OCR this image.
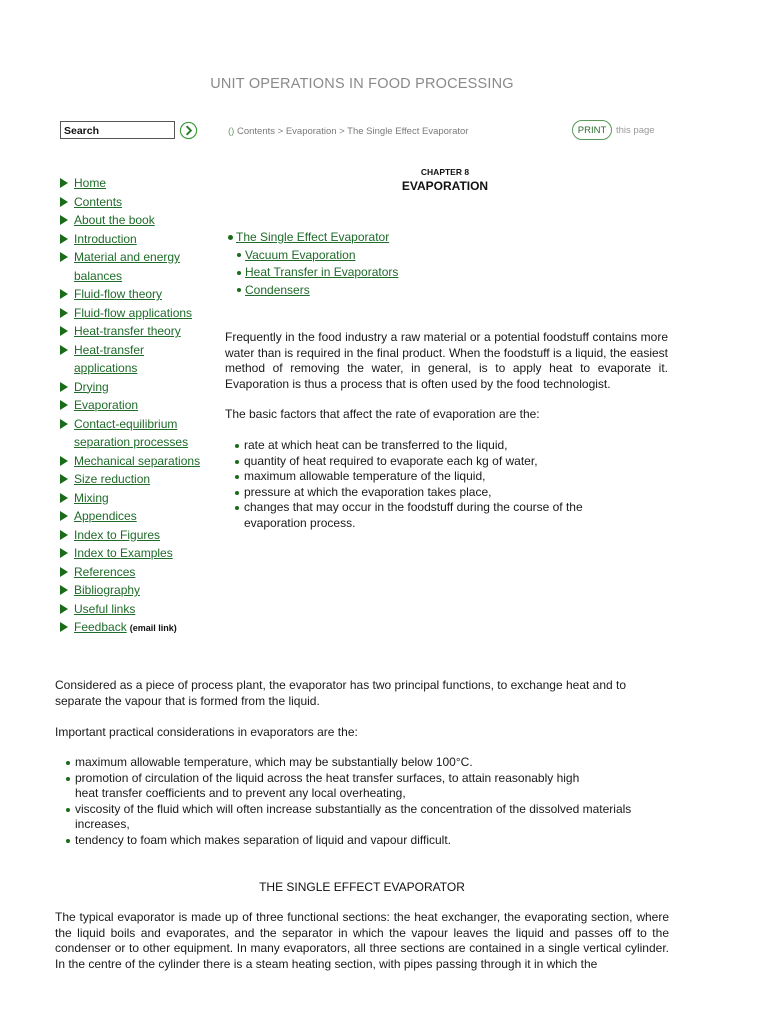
UNIT OPERATIONS IN FOOD PROCESSING
Search	() Contents > Evaporation > The Single Effect Evaporator	PRINT	this page
CHAPTER 8
EVAPORATION
Home
Contents
About the book
Introduction
Material and energy balances
Fluid-flow theory
Fluid-flow applications
Heat-transfer theory
Heat-transfer applications
Drying
Evaporation
Contact-equilibrium separation processes
Mechanical separations
Size reduction
Mixing
Appendices
Index to Figures
Index to Examples
References
Bibliography
Useful links
Feedback (email link)
The Single Effect Evaporator
Vacuum Evaporation
Heat Transfer in Evaporators
Condensers
Frequently in the food industry a raw material or a potential foodstuff contains more water than is required in the final product. When the foodstuff is a liquid, the easiest method of removing the water, in general, is to apply heat to evaporate it. Evaporation is thus a process that is often used by the food technologist.
The basic factors that affect the rate of evaporation are the:
rate at which heat can be transferred to the liquid,
quantity of heat required to evaporate each kg of water,
maximum allowable temperature of the liquid,
pressure at which the evaporation takes place,
changes that may occur in the foodstuff during the course of the evaporation process.
Considered as a piece of process plant, the evaporator has two principal functions, to exchange heat and to separate the vapour that is formed from the liquid.
Important practical considerations in evaporators are the:
maximum allowable temperature, which may be substantially below 100°C.
promotion of circulation of the liquid across the heat transfer surfaces, to attain reasonably high heat transfer coefficients and to prevent any local overheating,
viscosity of the fluid which will often increase substantially as the concentration of the dissolved materials increases,
tendency to foam which makes separation of liquid and vapour difficult.
THE SINGLE EFFECT EVAPORATOR
The typical evaporator is made up of three functional sections: the heat exchanger, the evaporating section, where the liquid boils and evaporates, and the separator in which the vapour leaves the liquid and passes off to the condenser or to other equipment. In many evaporators, all three sections are contained in a single vertical cylinder. In the centre of the cylinder there is a steam heating section, with pipes passing through it in which the
